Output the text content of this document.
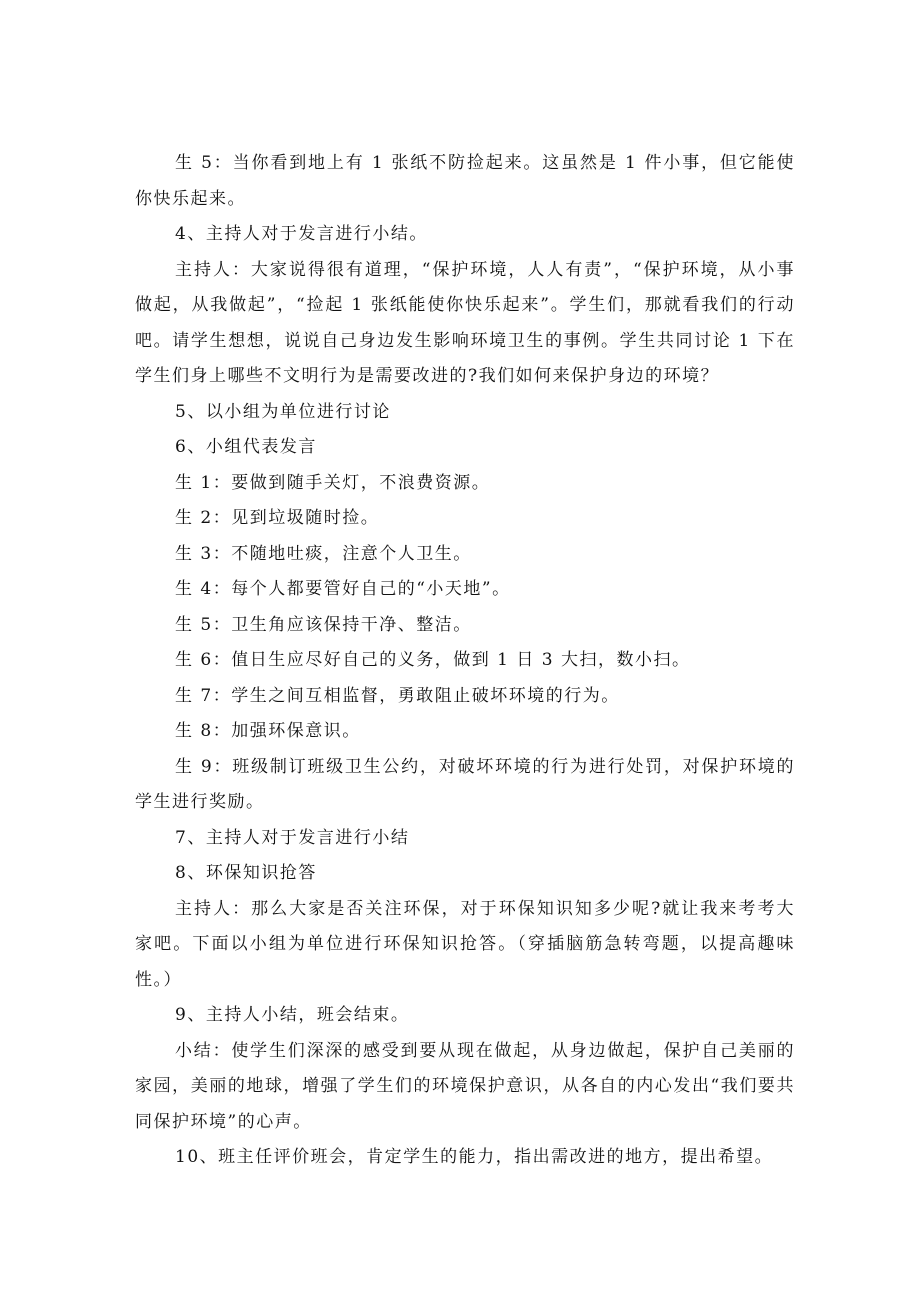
生 5：当你看到地上有 1 张纸不防捡起来。这虽然是 1 件小事，但它能使你快乐起来。

4、主持人对于发言进行小结。

主持人：大家说得很有道理，“保护环境，人人有责”，“保护环境，从小事做起，从我做起”，“捡起 1 张纸能使你快乐起来”。学生们，那就看我们的行动吧。请学生想想，说说自己身边发生影响环境卫生的事例。学生共同讨论 1 下在学生们身上哪些不文明行为是需要改进的?我们如何来保护身边的环境？

5、以小组为单位进行讨论

6、小组代表发言

生 1：要做到随手关灯，不浪费资源。

生 2：见到垃圾随时捡。

生 3：不随地吐痰，注意个人卫生。

生 4：每个人都要管好自己的“小天地”。

生 5：卫生角应该保持干净、整洁。

生 6：值日生应尽好自己的义务，做到 1 日 3 大扫，数小扫。

生 7：学生之间互相监督，勇敢阻止破坏环境的行为。

生 8：加强环保意识。

生 9：班级制订班级卫生公约，对破坏环境的行为进行处罚，对保护环境的学生进行奖励。

7、主持人对于发言进行小结

8、环保知识抢答

主持人：那么大家是否关注环保，对于环保知识知多少呢?就让我来考考大家吧。下面以小组为单位进行环保知识抢答。（穿插脑筋急转弯题，以提高趣味性。）

9、主持人小结，班会结束。

小结：使学生们深深的感受到要从现在做起，从身边做起，保护自己美丽的家园，美丽的地球，增强了学生们的环境保护意识，从各自的内心发出“我们要共同保护环境”的心声。

10、班主任评价班会，肯定学生的能力，指出需改进的地方，提出希望。
